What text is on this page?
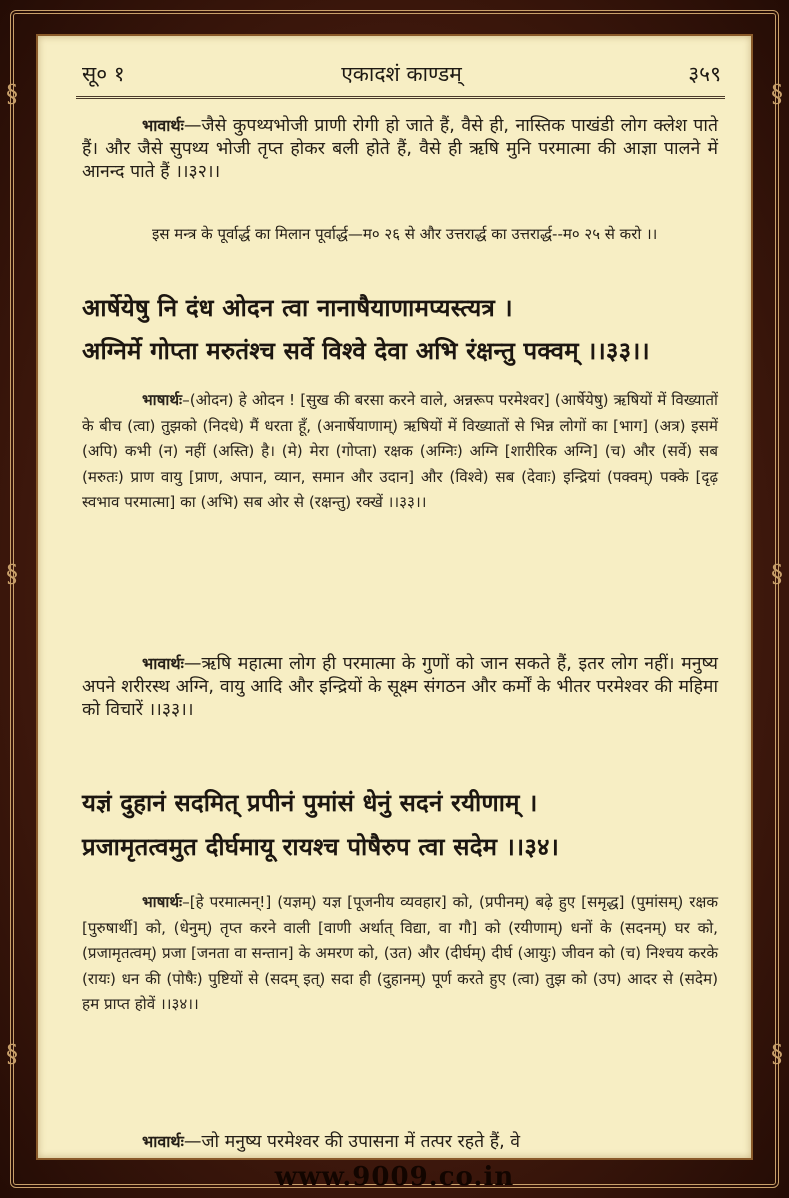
§
§
§
§
§
§
सू० १	एकादशं काण्डम्	३५९

भावार्थः—जैसे कुपथ्यभोजी प्राणी रोगी हो जाते हैं, वैसे ही, नास्तिक पाखंडी लोग क्लेश पाते हैं। और जैसे सुपथ्य भोजी तृप्त होकर बली होते हैं, वैसे ही ऋषि मुनि परमात्मा की आज्ञा पालने में आनन्द पाते हैं ।।३२।।

इस मन्त्र के पूर्वार्द्ध का मिलान पूर्वार्द्ध—म० २६ से और उत्तरार्द्ध का उत्तरार्द्ध--म० २५ से करो ।।

आर्षेयेषु नि दंध ओदन त्वा नानाषैयाणामप्यस्त्यत्र ।

अग्निर्मे गोप्ता मरुतंश्च सर्वे विश्वे देवा अभि रंक्षन्तु पक्वम् ।।३३।।

भाषार्थः–(ओदन) हे ओदन ! [सुख की बरसा करने वाले, अन्नरूप परमेश्वर] (आर्षेयेषु) ऋषियों में विख्यातों के बीच (त्वा) तुझको (निदधे) मैं धरता हूँ, (अनार्षेयाणाम्) ऋषियों में विख्यातों से भिन्न लोगों का [भाग] (अत्र) इसमें (अपि) कभी (न) नहीं (अस्ति) है। (मे) मेरा (गोप्ता) रक्षक (अग्निः) अग्नि [शारीरिक अग्नि] (च) और (सर्वे) सब (मरुतः) प्राण वायु [प्राण, अपान, व्यान, समान और उदान] और (विश्वे) सब (देवाः) इन्द्रियां (पक्वम्) पक्के [दृढ़ स्वभाव परमात्मा] का (अभि) सब ओर से (रक्षन्तु) रक्खें ।।३३।।

भावार्थः—ऋषि महात्मा लोग ही परमात्मा के गुणों को जान सकते हैं, इतर लोग नहीं। मनुष्य अपने शरीरस्थ अग्नि, वायु आदि और इन्द्रियों के सूक्ष्म संगठन और कर्मों के भीतर परमेश्वर की महिमा को विचारें ।।३३।।

यज्ञं दुहानं सदमित् प्रपीनं पुमांसं धेनुं सदनं रयीणाम् ।

प्रजामृतत्वमुत दीर्घमायू रायश्च पोषैरुप त्वा सदेम ।।३४।

भाषार्थः–[हे परमात्मन्!] (यज्ञम्) यज्ञ [पूजनीय व्यवहार] को, (प्रपीनम्) बढ़े हुए [समृद्ध] (पुमांसम्) रक्षक [पुरुषार्थी] को, (धेनुम्) तृप्त करने वाली [वाणी अर्थात् विद्या, वा गौ] को (रयीणाम्) धनों के (सदनम्) घर को, (प्रजामृतत्वम्) प्रजा [जनता वा सन्तान] के अमरण को, (उत) और (दीर्घम्) दीर्घ (आयुः) जीवन को (च) निश्चय करके (रायः) धन की (पोषैः) पुष्टियों से (सदम् इत्) सदा ही (दुहानम्) पूर्ण करते हुए (त्वा) तुझ को (उप) आदर से (सदेम) हम प्राप्त होवें ।।३४।।

भावार्थः—जो मनुष्य परमेश्वर की उपासना में तत्पर रहते हैं, वे

www.9009.co.in
